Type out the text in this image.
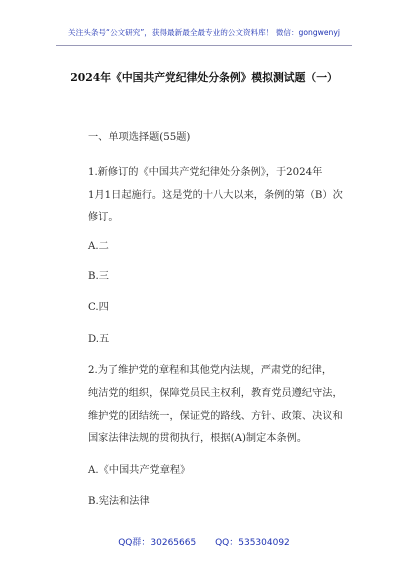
关注头条号“公文研究”，获得最新最全最专业的公文资料库！ 微信：gongwenyj
2024年《中国共产党纪律处分条例》模拟测试题（一）
一、单项选择题(55题)
1.新修订的《中国共产党纪律处分条例》，于2024年
1月1日起施行。这是党的十八大以来，条例的第（B）次
修订。
A.二
B.三
C.四
D.五
2.为了维护党的章程和其他党内法规，严肃党的纪律，
纯洁党的组织，保障党员民主权利，教育党员遵纪守法，
维护党的团结统一，保证党的路线、方针、政策、决议和
国家法律法规的贯彻执行，根据(A)制定本条例。
A.《中国共产党章程》
B.宪法和法律
QQ群：30265665 QQ：535304092
